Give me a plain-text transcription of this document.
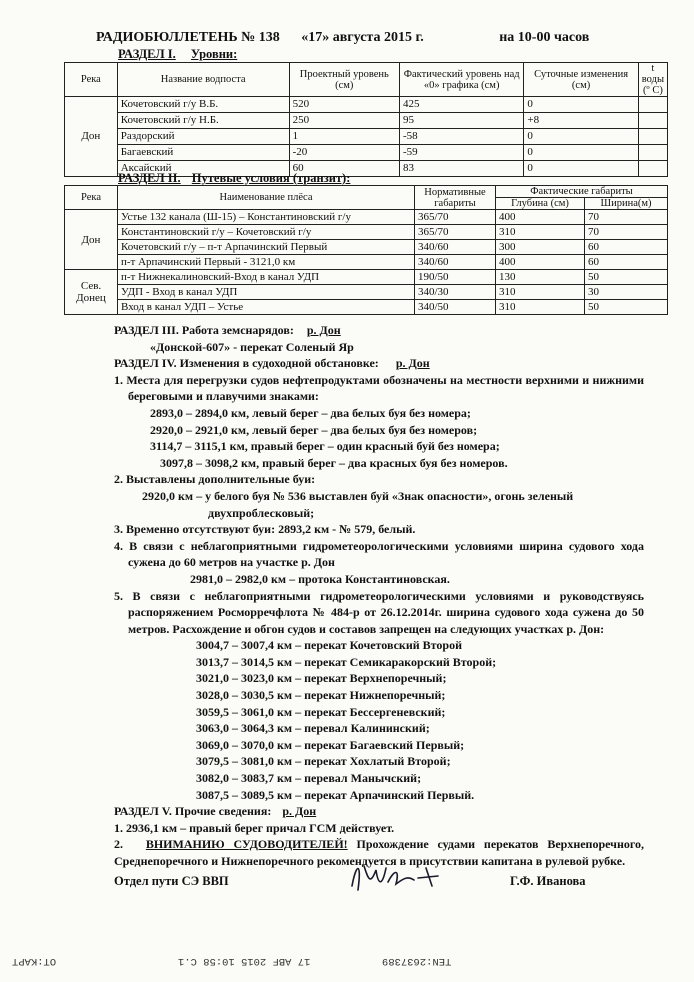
РАДИОБЮЛЛЕТЕНЬ № 138 «17» августа 2015 г.	на 10-00 часов
РАЗДЕЛ I. Уровни:
Река	Название водпоста	Проектный уровень (см)	Фактический уровень над «0» графика (см)	Суточные изменения (см)	t воды (º С)
Дон	Кочетовский г/у В.Б.	520	425	0	
	Кочетовский г/у Н.Б.	250	95	+8	
	Раздорский	1	-58	0	
	Багаевский	-20	-59	0	
	Аксайский	60	83	0	
РАЗДЕЛ II. Путевые условия (транзит):
Река	Наименование плёса	Нормативные габариты	Фактические габариты	
			Глубина (см)	Ширина(м)
Дон	Устье 132 канала (Ш-15) – Константиновский г/у	365/70	400	70
	Константиновский г/у – Кочетовский г/у	365/70	310	70
	Кочетовский г/у – п-т Арпачинский Первый	340/60	300	60
	п-т Арпачинский Первый - 3121,0 км	340/60	400	60
Сев. Донец	п-т Нижнекалиновский-Вход в канал УДП	190/50	130	50
	УДП - Вход в канал УДП	340/30	310	30
	Вход в канал УДП – Устье	340/50	310	50

РАЗДЕЛ III. Работа земснарядов: р. Дон

«Донской-607» - перекат Соленый Яр

РАЗДЕЛ IV. Изменения в судоходной обстановке: р. Дон

1. Места для перегрузки судов нефтепродуктами обозначены на местности верхними и нижними береговыми и плавучими знаками:

2893,0 – 2894,0 км, левый берег – два белых буя без номера;

2920,0 – 2921,0 км, левый берег – два белых буя без номеров;

3114,7 – 3115,1 км, правый берег – один красный буй без номера;

3097,8 – 3098,2 км, правый берег – два красных буя без номеров.

2. Выставлены дополнительные буи:

2920,0 км – у белого буя № 536 выставлен буй «Знак опасности», огонь зеленый

двухпроблесковый;

3. Временно отсутствуют буи: 2893,2 км - № 579, белый.

4. В связи с неблагоприятными гидрометеорологическими условиями ширина судового хода сужена до 60 метров на участке р. Дон

2981,0 – 2982,0 км – протока Константиновская.

5. В связи с неблагоприятными гидрометеорологическими условиями и руководствуясь распоряжением Росморречфлота № 484-р от 26.12.2014г. ширина судового хода сужена до 50 метров. Расхождение и обгон судов и составов запрещен на следующих участках р. Дон:

3004,7 – 3007,4 км – перекат Кочетовский Второй

3013,7 – 3014,5 км – перекат Семикаракорский Второй;

3021,0 – 3023,0 км – перекат Верхнепоречный;

3028,0 – 3030,5 км – перекат Нижнепоречный;

3059,5 – 3061,0 км – перекат Бессергеневский;

3063,0 – 3064,3 км – перевал Калининский;

3069,0 – 3070,0 км – перекат Багаевский Первый;

3079,5 – 3081,0 км – перекат Хохлатый Второй;

3082,0 – 3083,7 км – перевал Манычский;

3087,5 – 3089,5 км – перекат Арпачинский Первый.

РАЗДЕЛ V. Прочие сведения: р. Дон

1. 2936,1 км – правый берег причал ГСМ действует.

2. ВНИМАНИЮ СУДОВОДИТЕЛЕЙ! Прохождение судами перекатов Верхнепоречного, Среднепоречного и Нижнепоречного рекомендуется в присутствии капитана в рулевой рубке.

Отдел пути СЭ ВВП	Г.Ф. Иванова
OT:KAPT	TEN:2637389
17 ABF 2015 10:58 C.1
